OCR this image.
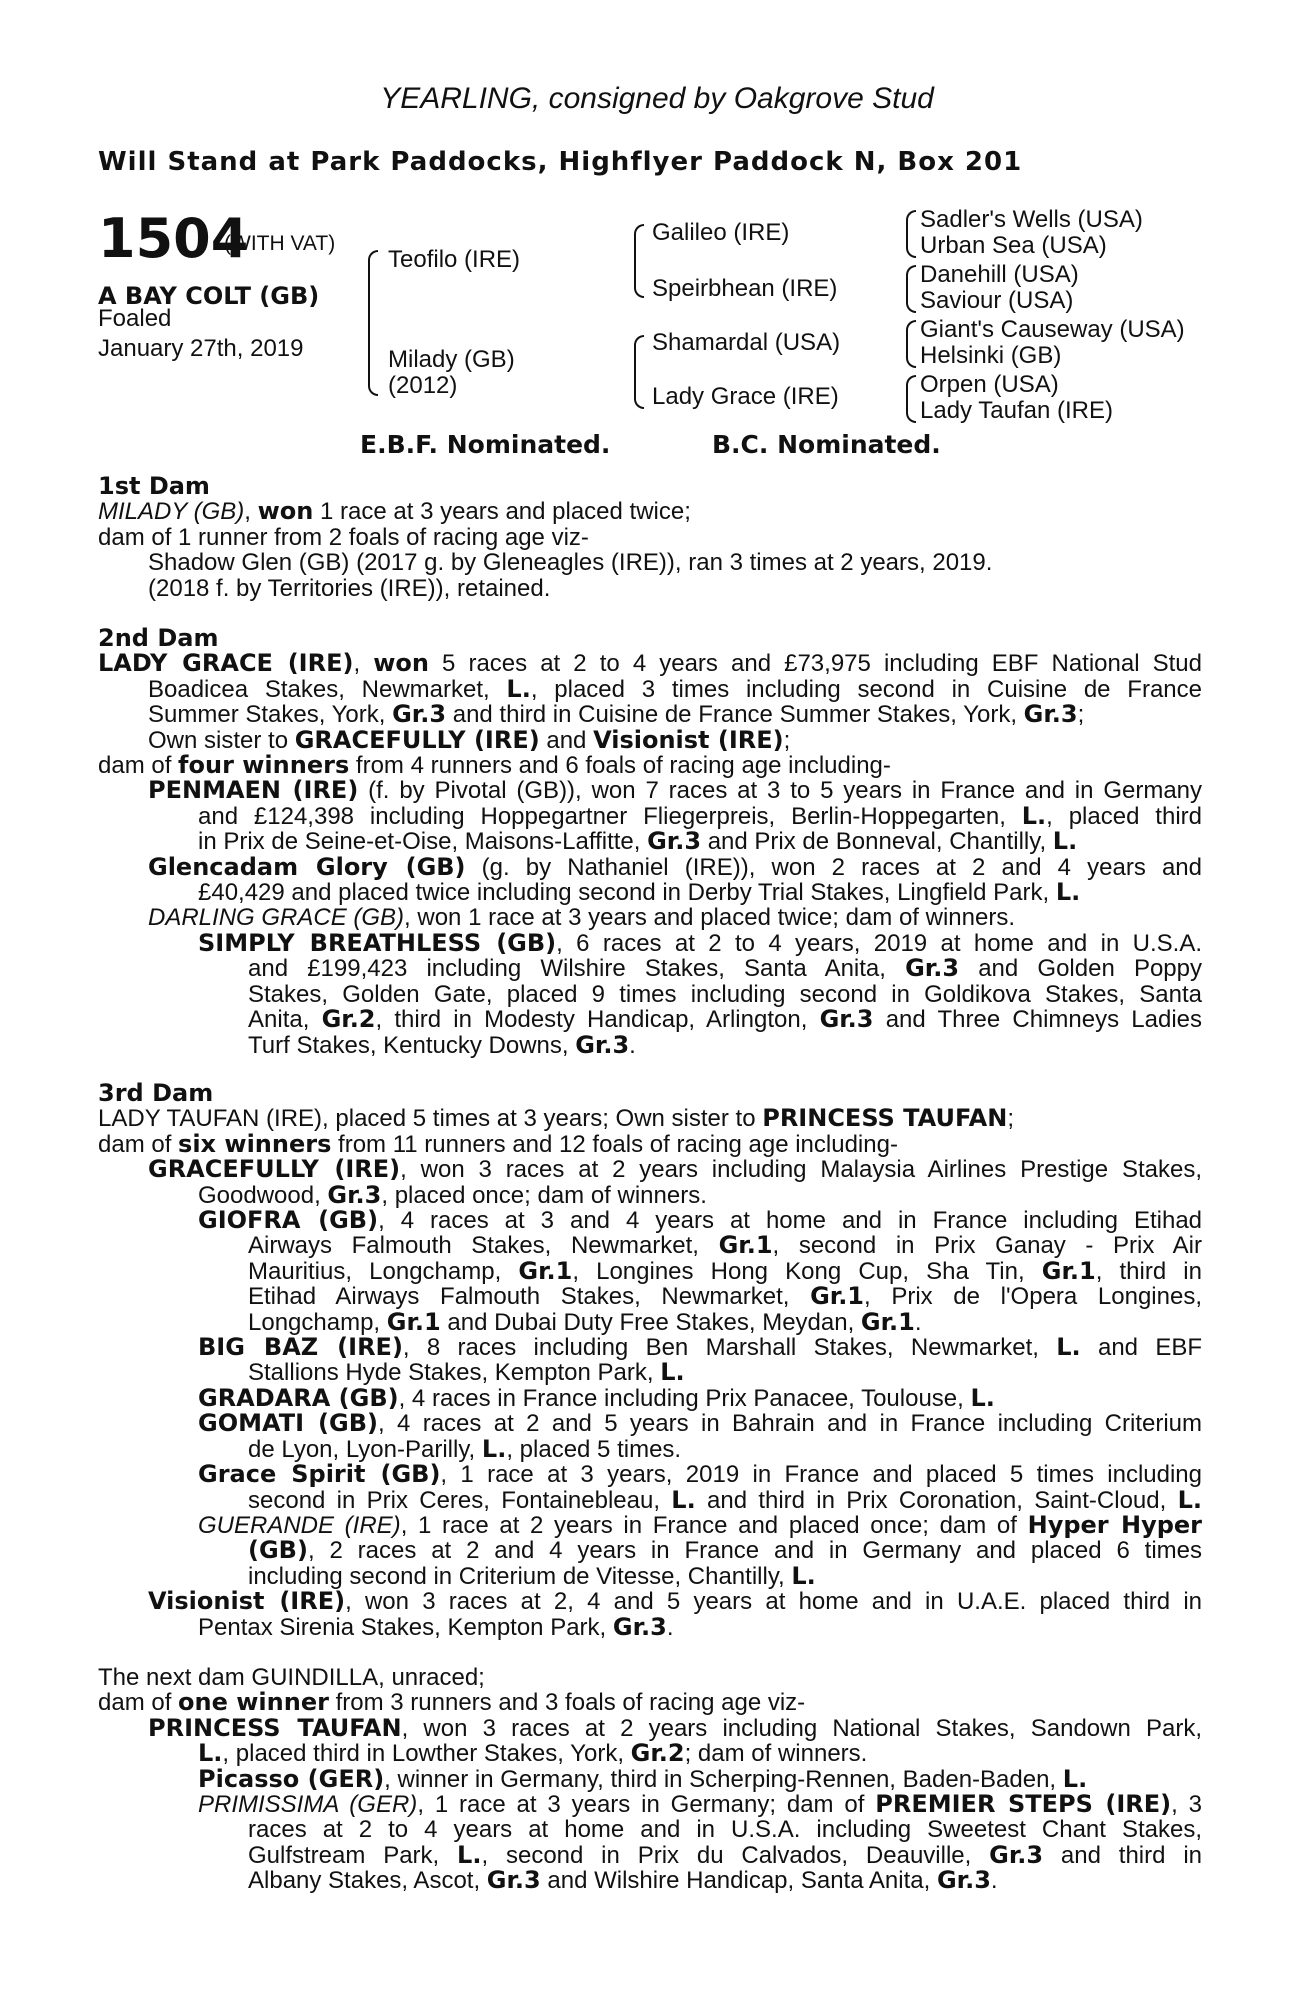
YEARLING, consigned by Oakgrove Stud
Will Stand at Park Paddocks, Highflyer Paddock N, Box 201
1504
(WITH VAT)
A BAY COLT (GB)
Foaled
January 27th, 2019
Teofilo (IRE)
Milady (GB)
(2012)
Galileo (IRE)
Speirbhean (IRE)
Shamardal (USA)
Lady Grace (IRE)
Sadler's Wells (USA)
Urban Sea (USA)
Danehill (USA)
Saviour (USA)
Giant's Causeway (USA)
Helsinki (GB)
Orpen (USA)
Lady Taufan (IRE)
E.B.F. Nominated.	B.C. Nominated.
1st Dam
MILADY (GB), won 1 race at 3 years and placed twice;
dam of 1 runner from 2 foals of racing age viz-
Shadow Glen (GB) (2017 g. by Gleneagles (IRE)), ran 3 times at 2 years, 2019.
(2018 f. by Territories (IRE)), retained.
2nd Dam
LADY GRACE (IRE), won 5 races at 2 to 4 years and £73,975 including EBF National Stud
Boadicea Stakes, Newmarket, L., placed 3 times including second in Cuisine de France
Summer Stakes, York, Gr.3 and third in Cuisine de France Summer Stakes, York, Gr.3;
Own sister to GRACEFULLY (IRE) and Visionist (IRE);
dam of four winners from 4 runners and 6 foals of racing age including-
PENMAEN (IRE) (f. by Pivotal (GB)), won 7 races at 3 to 5 years in France and in Germany
and £124,398 including Hoppegartner Fliegerpreis, Berlin-Hoppegarten, L., placed third
in Prix de Seine-et-Oise, Maisons-Laffitte, Gr.3 and Prix de Bonneval, Chantilly, L.
Glencadam Glory (GB) (g. by Nathaniel (IRE)), won 2 races at 2 and 4 years and
£40,429 and placed twice including second in Derby Trial Stakes, Lingfield Park, L.
DARLING GRACE (GB), won 1 race at 3 years and placed twice; dam of winners.
SIMPLY BREATHLESS (GB), 6 races at 2 to 4 years, 2019 at home and in U.S.A.
and £199,423 including Wilshire Stakes, Santa Anita, Gr.3 and Golden Poppy
Stakes, Golden Gate, placed 9 times including second in Goldikova Stakes, Santa
Anita, Gr.2, third in Modesty Handicap, Arlington, Gr.3 and Three Chimneys Ladies
Turf Stakes, Kentucky Downs, Gr.3.
3rd Dam
LADY TAUFAN (IRE), placed 5 times at 3 years; Own sister to PRINCESS TAUFAN;
dam of six winners from 11 runners and 12 foals of racing age including-
GRACEFULLY (IRE), won 3 races at 2 years including Malaysia Airlines Prestige Stakes,
Goodwood, Gr.3, placed once; dam of winners.
GIOFRA (GB), 4 races at 3 and 4 years at home and in France including Etihad
Airways Falmouth Stakes, Newmarket, Gr.1, second in Prix Ganay - Prix Air
Mauritius, Longchamp, Gr.1, Longines Hong Kong Cup, Sha Tin, Gr.1, third in
Etihad Airways Falmouth Stakes, Newmarket, Gr.1, Prix de l'Opera Longines,
Longchamp, Gr.1 and Dubai Duty Free Stakes, Meydan, Gr.1.
BIG BAZ (IRE), 8 races including Ben Marshall Stakes, Newmarket, L. and EBF
Stallions Hyde Stakes, Kempton Park, L.
GRADARA (GB), 4 races in France including Prix Panacee, Toulouse, L.
GOMATI (GB), 4 races at 2 and 5 years in Bahrain and in France including Criterium
de Lyon, Lyon-Parilly, L., placed 5 times.
Grace Spirit (GB), 1 race at 3 years, 2019 in France and placed 5 times including
second in Prix Ceres, Fontainebleau, L. and third in Prix Coronation, Saint-Cloud, L.
GUERANDE (IRE), 1 race at 2 years in France and placed once; dam of Hyper Hyper
(GB), 2 races at 2 and 4 years in France and in Germany and placed 6 times
including second in Criterium de Vitesse, Chantilly, L.
Visionist (IRE), won 3 races at 2, 4 and 5 years at home and in U.A.E. placed third in
Pentax Sirenia Stakes, Kempton Park, Gr.3.
The next dam GUINDILLA, unraced;
dam of one winner from 3 runners and 3 foals of racing age viz-
PRINCESS TAUFAN, won 3 races at 2 years including National Stakes, Sandown Park,
L., placed third in Lowther Stakes, York, Gr.2; dam of winners.
Picasso (GER), winner in Germany, third in Scherping-Rennen, Baden-Baden, L.
PRIMISSIMA (GER), 1 race at 3 years in Germany; dam of PREMIER STEPS (IRE), 3
races at 2 to 4 years at home and in U.S.A. including Sweetest Chant Stakes,
Gulfstream Park, L., second in Prix du Calvados, Deauville, Gr.3 and third in
Albany Stakes, Ascot, Gr.3 and Wilshire Handicap, Santa Anita, Gr.3.
